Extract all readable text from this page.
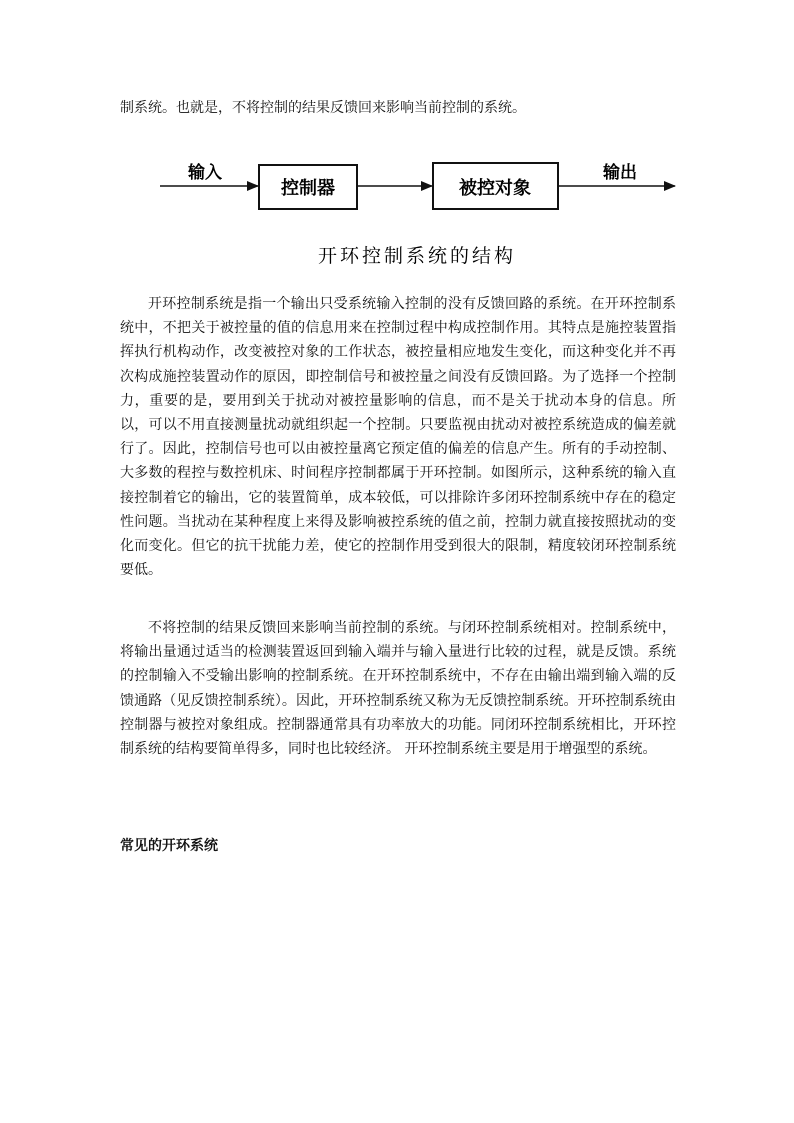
制系统。也就是，不将控制的结果反馈回来影响当前控制的系统。
输入
控制器	被控对象
输出
开环控制系统的结构

开环控制系统是指一个输出只受系统输入控制的没有反馈回路的系统。在开环控制系统中，不把关于被控量的值的信息用来在控制过程中构成控制作用。其特点是施控装置指挥执行机构动作，改变被控对象的工作状态，被控量相应地发生变化，而这种变化并不再次构成施控装置动作的原因，即控制信号和被控量之间没有反馈回路。为了选择一个控制力，重要的是，要用到关于扰动对被控量影响的信息，而不是关于扰动本身的信息。所以，可以不用直接测量扰动就组织起一个控制。只要监视由扰动对被控系统造成的偏差就行了。因此，控制信号也可以由被控量离它预定值的偏差的信息产生。所有的手动控制、大多数的程控与数控机床、时间程序控制都属于开环控制。如图所示，这种系统的输入直接控制着它的输出，它的装置简单，成本较低，可以排除许多闭环控制系统中存在的稳定性问题。当扰动在某种程度上来得及影响被控系统的值之前，控制力就直接按照扰动的变化而变化。但它的抗干扰能力差，使它的控制作用受到很大的限制，精度较闭环控制系统要低。

不将控制的结果反馈回来影响当前控制的系统。与闭环控制系统相对。控制系统中，将输出量通过适当的检测装置返回到输入端并与输入量进行比较的过程，就是反馈。系统的控制输入不受输出影响的控制系统。在开环控制系统中，不存在由输出端到输入端的反馈通路（见反馈控制系统）。因此，开环控制系统又称为无反馈控制系统。开环控制系统由控制器与被控对象组成。控制器通常具有功率放大的功能。同闭环控制系统相比，开环控制系统的结构要简单得多，同时也比较经济。 开环控制系统主要是用于增强型的系统。

常见的开环系统
